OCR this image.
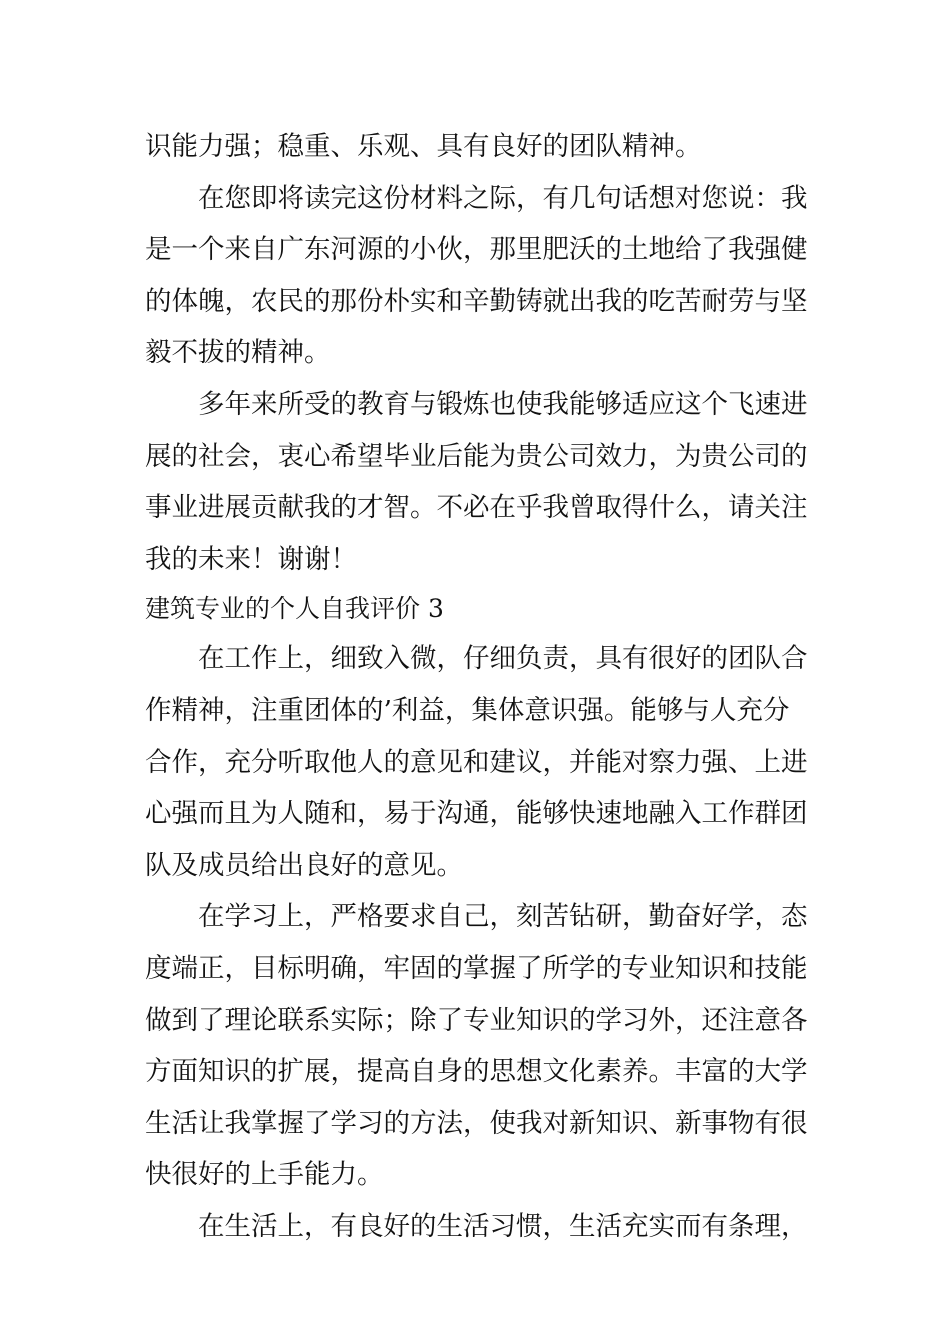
识能力强；稳重、乐观、具有良好的团队精神。
在您即将读完这份材料之际，有几句话想对您说：我
是一个来自广东河源的小伙，那里肥沃的土地给了我强健
的体魄，农民的那份朴实和辛勤铸就出我的吃苦耐劳与坚
毅不拔的精神。
多年来所受的教育与锻炼也使我能够适应这个飞速进
展的社会，衷心希望毕业后能为贵公司效力，为贵公司的
事业进展贡献我的才智。不必在乎我曾取得什么，请关注
我的未来！谢谢！
建筑专业的个人自我评价 3
在工作上，细致入微，仔细负责，具有很好的团队合
作精神，注重团体的’利益，集体意识强。能够与人充分
合作，充分听取他人的意见和建议，并能对察力强、上进
心强而且为人随和，易于沟通，能够快速地融入工作群团
队及成员给出良好的意见。
在学习上，严格要求自己，刻苦钻研，勤奋好学，态
度端正，目标明确，牢固的掌握了所学的专业知识和技能
做到了理论联系实际；除了专业知识的学习外，还注意各
方面知识的扩展，提高自身的思想文化素养。丰富的大学
生活让我掌握了学习的方法，使我对新知识、新事物有很
快很好的上手能力。
在生活上，有良好的生活习惯，生活充实而有条理，
